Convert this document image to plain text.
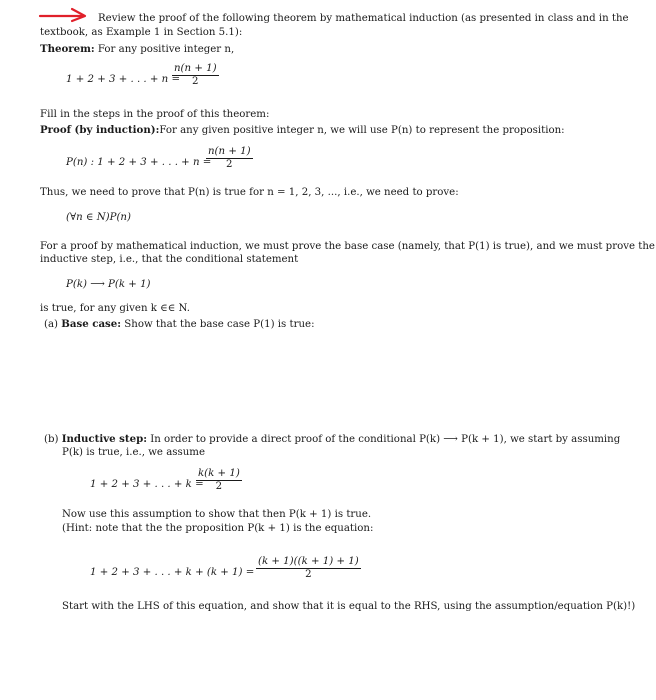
Review the proof of the following theorem by mathematical induction (as presented in class and in the
textbook, as Example 1 in Section 5.1):
Theorem: For any positive integer n,
1 + 2 + 3 + . . . + n =
$\frac{n(n + 1)}{2}$
Fill in the steps in the proof of this theorem:
Proof (by induction):For any given positive integer n, we will use P(n) to represent the proposition:
P(n) : 1 + 2 + 3 + . . . + n =
$\frac{n(n + 1)}{2}$
Thus, we need to prove that P(n) is true for n = 1, 2, 3, ..., i.e., we need to prove:
(∀n ∈ N)P(n)
For a proof by mathematical induction, we must prove the base case (namely, that P(1) is true), and we must prove the
inductive step, i.e., that the conditional statement
P(k) ⟶ P(k + 1)
is true, for any given k ∈∈ N.
(a) Base case: Show that the base case P(1) is true:
(b) Inductive step: In order to provide a direct proof of the conditional P(k) ⟶ P(k + 1), we start by assuming
P(k) is true, i.e., we assume
1 + 2 + 3 + . . . + k =
$\frac{k(k + 1)}{2}$
Now use this assumption to show that then P(k + 1) is true.
(Hint: note that the the proposition P(k + 1) is the equation:
1 + 2 + 3 + . . . + $k + (k + 1) = \frac{(k + 1)((k + 1) + 1)}{2}$
Start with the LHS of this equation, and show that it is equal to the RHS, using the assumption/equation P(k)!)
